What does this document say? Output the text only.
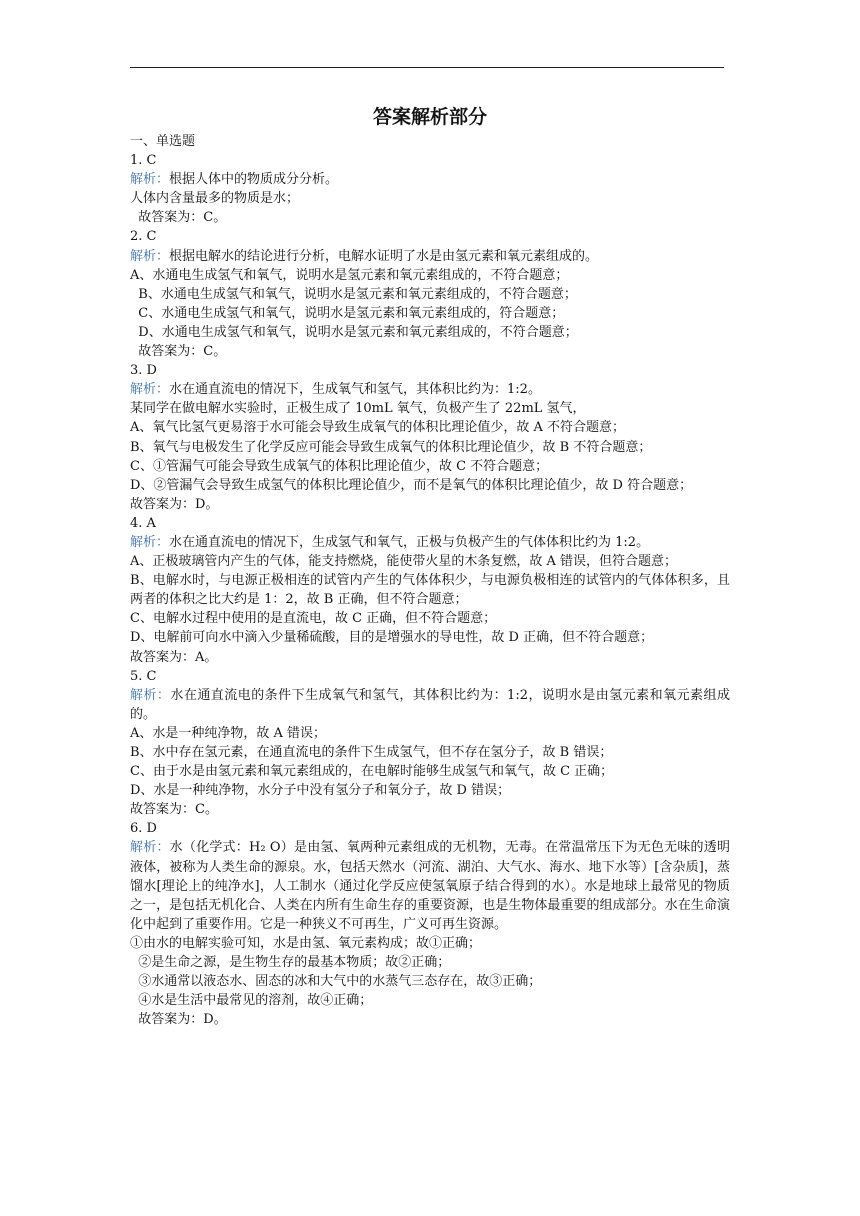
答案解析部分
一、单选题
1. C
解析：根据人体中的物质成分分析。
人体内含量最多的物质是水；
故答案为：C。
2. C
解析：根据电解水的结论进行分析，电解水证明了水是由氢元素和氧元素组成的。
A、水通电生成氢气和氧气，说明水是氢元素和氧元素组成的，不符合题意；
B、水通电生成氢气和氧气，说明水是氢元素和氧元素组成的，不符合题意；
C、水通电生成氢气和氧气，说明水是氢元素和氧元素组成的，符合题意；
D、水通电生成氢气和氧气，说明水是氢元素和氧元素组成的，不符合题意；
故答案为：C。
3. D
解析：水在通直流电的情况下，生成氧气和氢气，其体积比约为：1:2。
某同学在做电解水实验时，正极生成了 10mL 氧气，负极产生了 22mL 氢气，
A、氧气比氢气更易溶于水可能会导致生成氧气的体积比理论值少，故 A 不符合题意；
B、氧气与电极发生了化学反应可能会导致生成氧气的体积比理论值少，故 B 不符合题意；
C、①管漏气可能会导致生成氧气的体积比理论值少，故 C 不符合题意；
D、②管漏气会导致生成氢气的体积比理论值少，而不是氧气的体积比理论值少，故 D 符合题意；
故答案为：D。
4. A
解析：水在通直流电的情况下，生成氢气和氧气，正极与负极产生的气体体积比约为 1:2。
A、正极玻璃管内产生的气体，能支持燃烧，能使带火星的木条复燃，故 A 错误，但符合题意；
B、电解水时，与电源正极相连的试管内产生的气体体积少，与电源负极相连的试管内的气体体积多，且两者的体积之比大约是 1：2，故 B 正确，但不符合题意；
C、电解水过程中使用的是直流电，故 C 正确，但不符合题意；
D、电解前可向水中滴入少量稀硫酸，目的是增强水的导电性，故 D 正确，但不符合题意；
故答案为：A。
5. C
解析：水在通直流电的条件下生成氧气和氢气，其体积比约为：1:2，说明水是由氢元素和氧元素组成的。
A、水是一种纯净物，故 A 错误；
B、水中存在氢元素，在通直流电的条件下生成氢气，但不存在氢分子，故 B 错误；
C、由于水是由氢元素和氧元素组成的，在电解时能够生成氢气和氧气，故 C 正确；
D、水是一种纯净物，水分子中没有氢分子和氧分子，故 D 错误；
故答案为：C。
6. D
解析：水（化学式：H₂ O）是由氢、氧两种元素组成的无机物，无毒。在常温常压下为无色无味的透明液体，被称为人类生命的源泉。水，包括天然水（河流、湖泊、大气水、海水、地下水等）[含杂质]，蒸馏水[理论上的纯净水]，人工制水（通过化学反应使氢氧原子结合得到的水）。水是地球上最常见的物质之一，是包括无机化合、人类在内所有生命生存的重要资源，也是生物体最重要的组成部分。水在生命演化中起到了重要作用。它是一种狭义不可再生，广义可再生资源。
①由水的电解实验可知，水是由氢、氧元素构成；故①正确；
②是生命之源，是生物生存的最基本物质；故②正确；
③水通常以液态水、固态的冰和大气中的水蒸气三态存在，故③正确；
④水是生活中最常见的溶剂，故④正确；
故答案为：D。
